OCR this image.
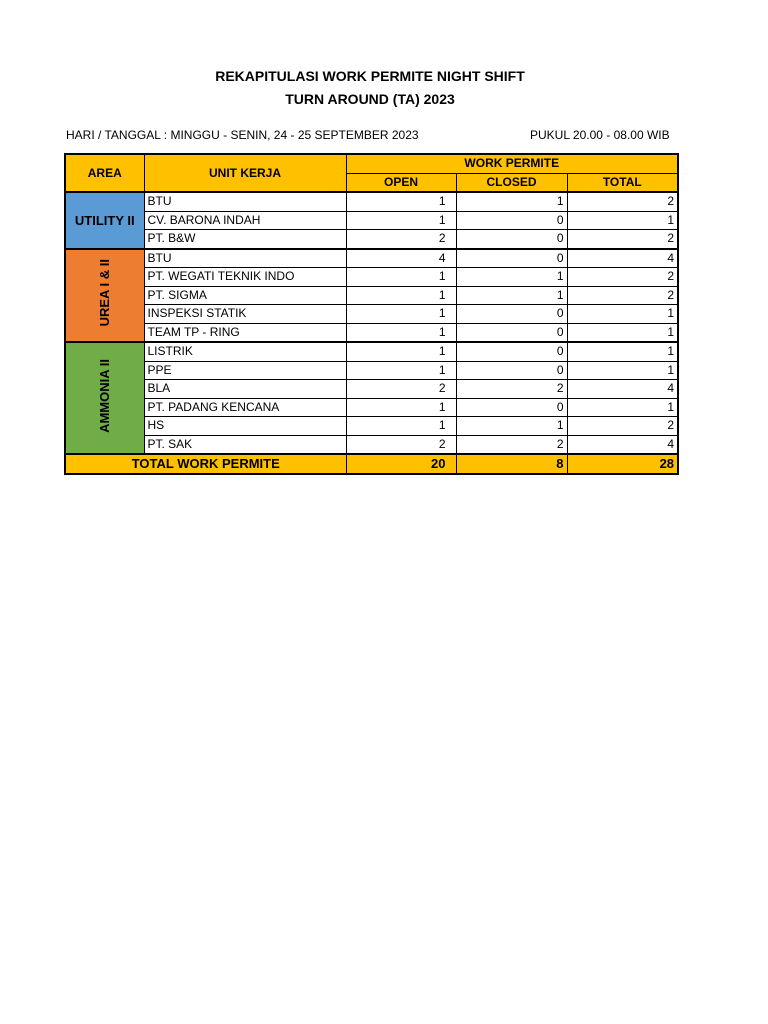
REKAPITULASI WORK PERMITE NIGHT SHIFT
TURN AROUND (TA) 2023
HARI / TANGGAL : MINGGU - SENIN, 24 - 25 SEPTEMBER 2023	PUKUL 20.00 - 08.00 WIB
AREA	UNIT KERJA	WORK PERMITE		
		OPEN	CLOSED	TOTAL
UTILITY II	BTU	1	1	2
	CV. BARONA INDAH	1	0	1
	PT. B&W	2	0	2
UREA I & II	BTU	4	0	4
	PT. WEGATI TEKNIK INDO	1	1	2
	PT. SIGMA	1	1	2
	INSPEKSI STATIK	1	0	1
	TEAM TP - RING	1	0	1
AMMONIA II	LISTRIK	1	0	1
	PPE	1	0	1
	BLA	2	2	4
	PT. PADANG KENCANA	1	0	1
	HS	1	1	2
	PT. SAK	2	2	4
TOTAL WORK PERMITE		20	8	28
